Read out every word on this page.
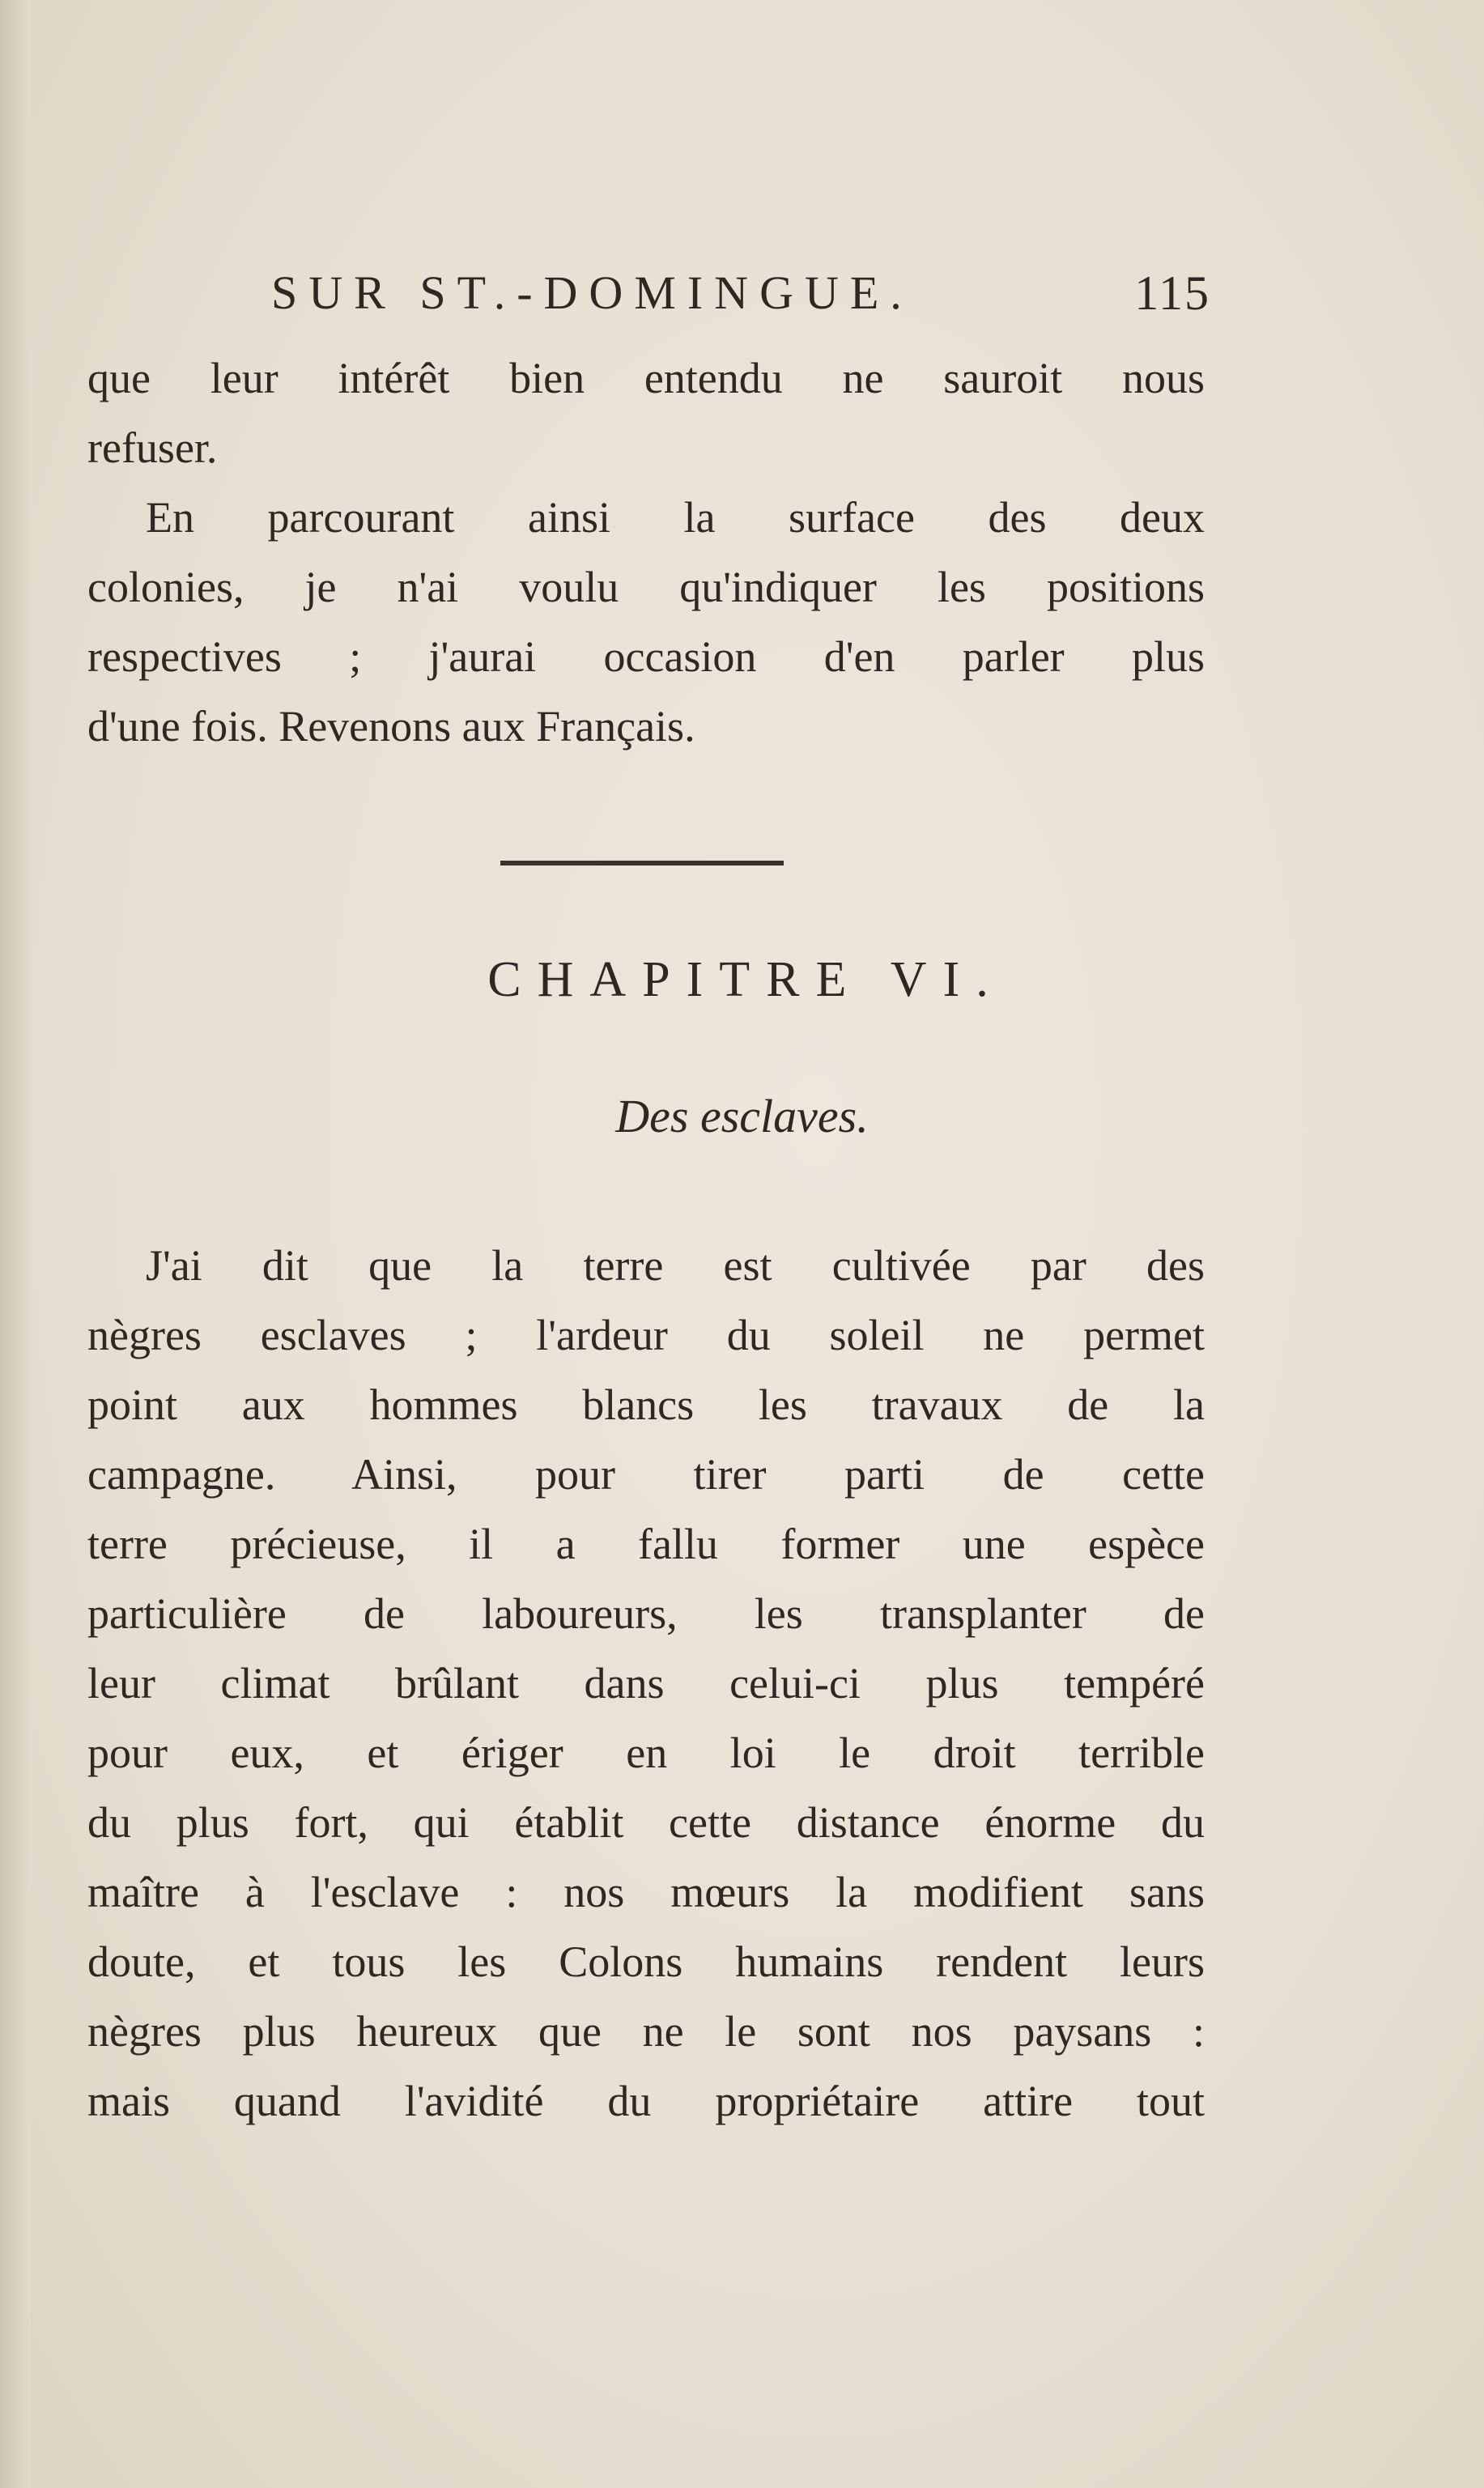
SUR ST.-DOMINGUE.	115
que leur intérêt bien entendu ne sauroit nous
refuser.
En parcourant ainsi la surface des deux
colonies, je n'ai voulu qu'indiquer les positions
respectives ; j'aurai occasion d'en parler plus
d'une fois. Revenons aux Français.
CHAPITRE VI.
Des esclaves.
J'ai dit que la terre est cultivée par des
nègres esclaves ; l'ardeur du soleil ne permet
point aux hommes blancs les travaux de la
campagne. Ainsi, pour tirer parti de cette
terre précieuse, il a fallu former une espèce
particulière de laboureurs, les transplanter de
leur climat brûlant dans celui-ci plus tempéré
pour eux, et ériger en loi le droit terrible
du plus fort, qui établit cette distance énorme du
maître à l'esclave : nos mœurs la modifient sans
doute, et tous les Colons humains rendent leurs
nègres plus heureux que ne le sont nos paysans :
mais quand l'avidité du propriétaire attire tout
